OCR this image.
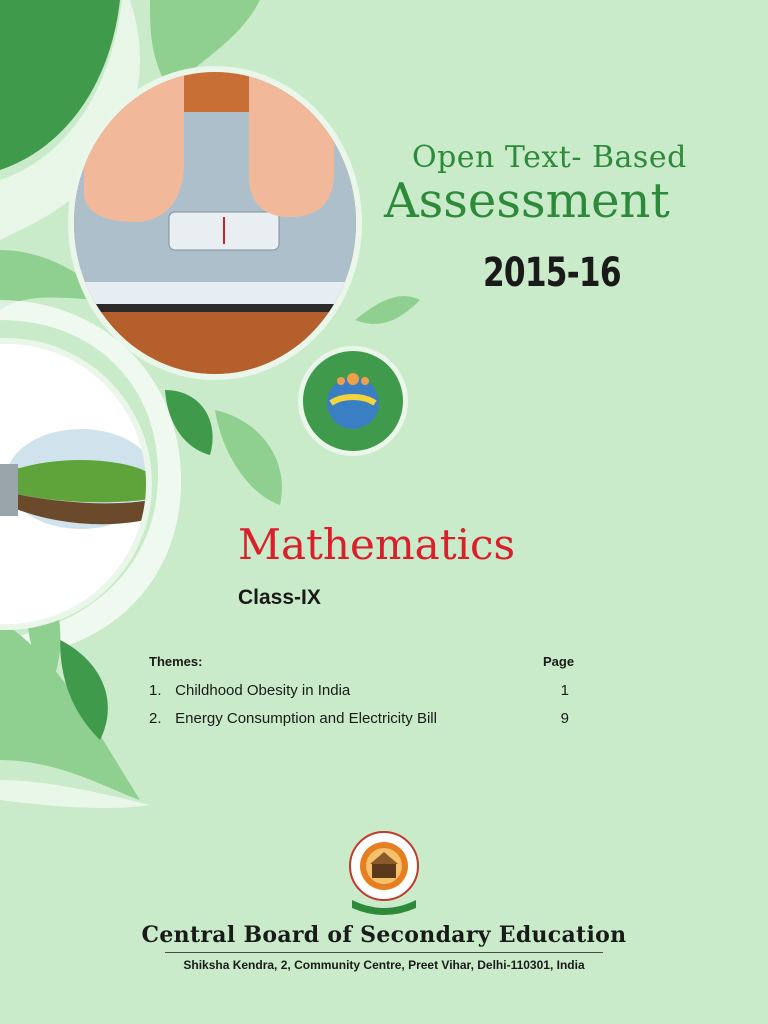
Open Text- Based
Assessment
2015-16
Mathematics
Class-IX
Themes:	Page
1. Childhood Obesity in India	1
2. Energy Consumption and Electricity Bill	9
Central Board of Secondary Education
Shiksha Kendra, 2, Community Centre, Preet Vihar, Delhi-110301, India
